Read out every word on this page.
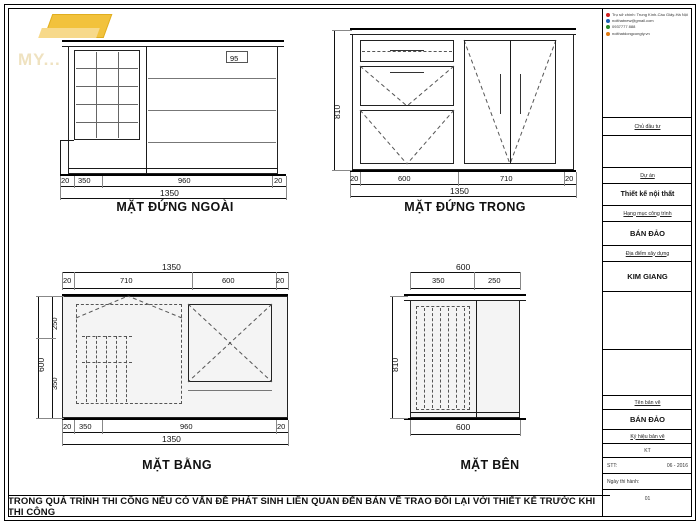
MY...	95
20 350	960	20
1350
MẶT ĐỨNG NGOÀI
810
20	600	710	20
1350
MẶT ĐỨNG TRONG
1350
20	710	600	20
600
250
350
20 350	960	20
1350
MẶT BẰNG
600
350	250
810
600
MẶT BÊN
Trụ sở chính: Trung Kính-Cầu Giấy-Hà Nội
noithatnew@gmail.com
0937777 888
noithatdongcongty.vn
Chủ đầu tư
Dự án
Thiết kế nội thất
Hạng mục công trình
BÁN ĐẢO
Địa điểm xây dựng
KIM GIANG
Tên bản vẽ
BÁN ĐẢO
Ký hiệu bản vẽ
KT
STT:	06 - 2016
Ngày thi hành:
01
TRONG QUÁ TRÌNH THI CÔNG NẾU CÓ VẤN ĐỀ PHÁT SINH LIÊN QUAN ĐẾN BẢN VẼ TRAO ĐỔI LẠI VỚI THIẾT KẾ TRƯỚC KHI THI CÔNG
